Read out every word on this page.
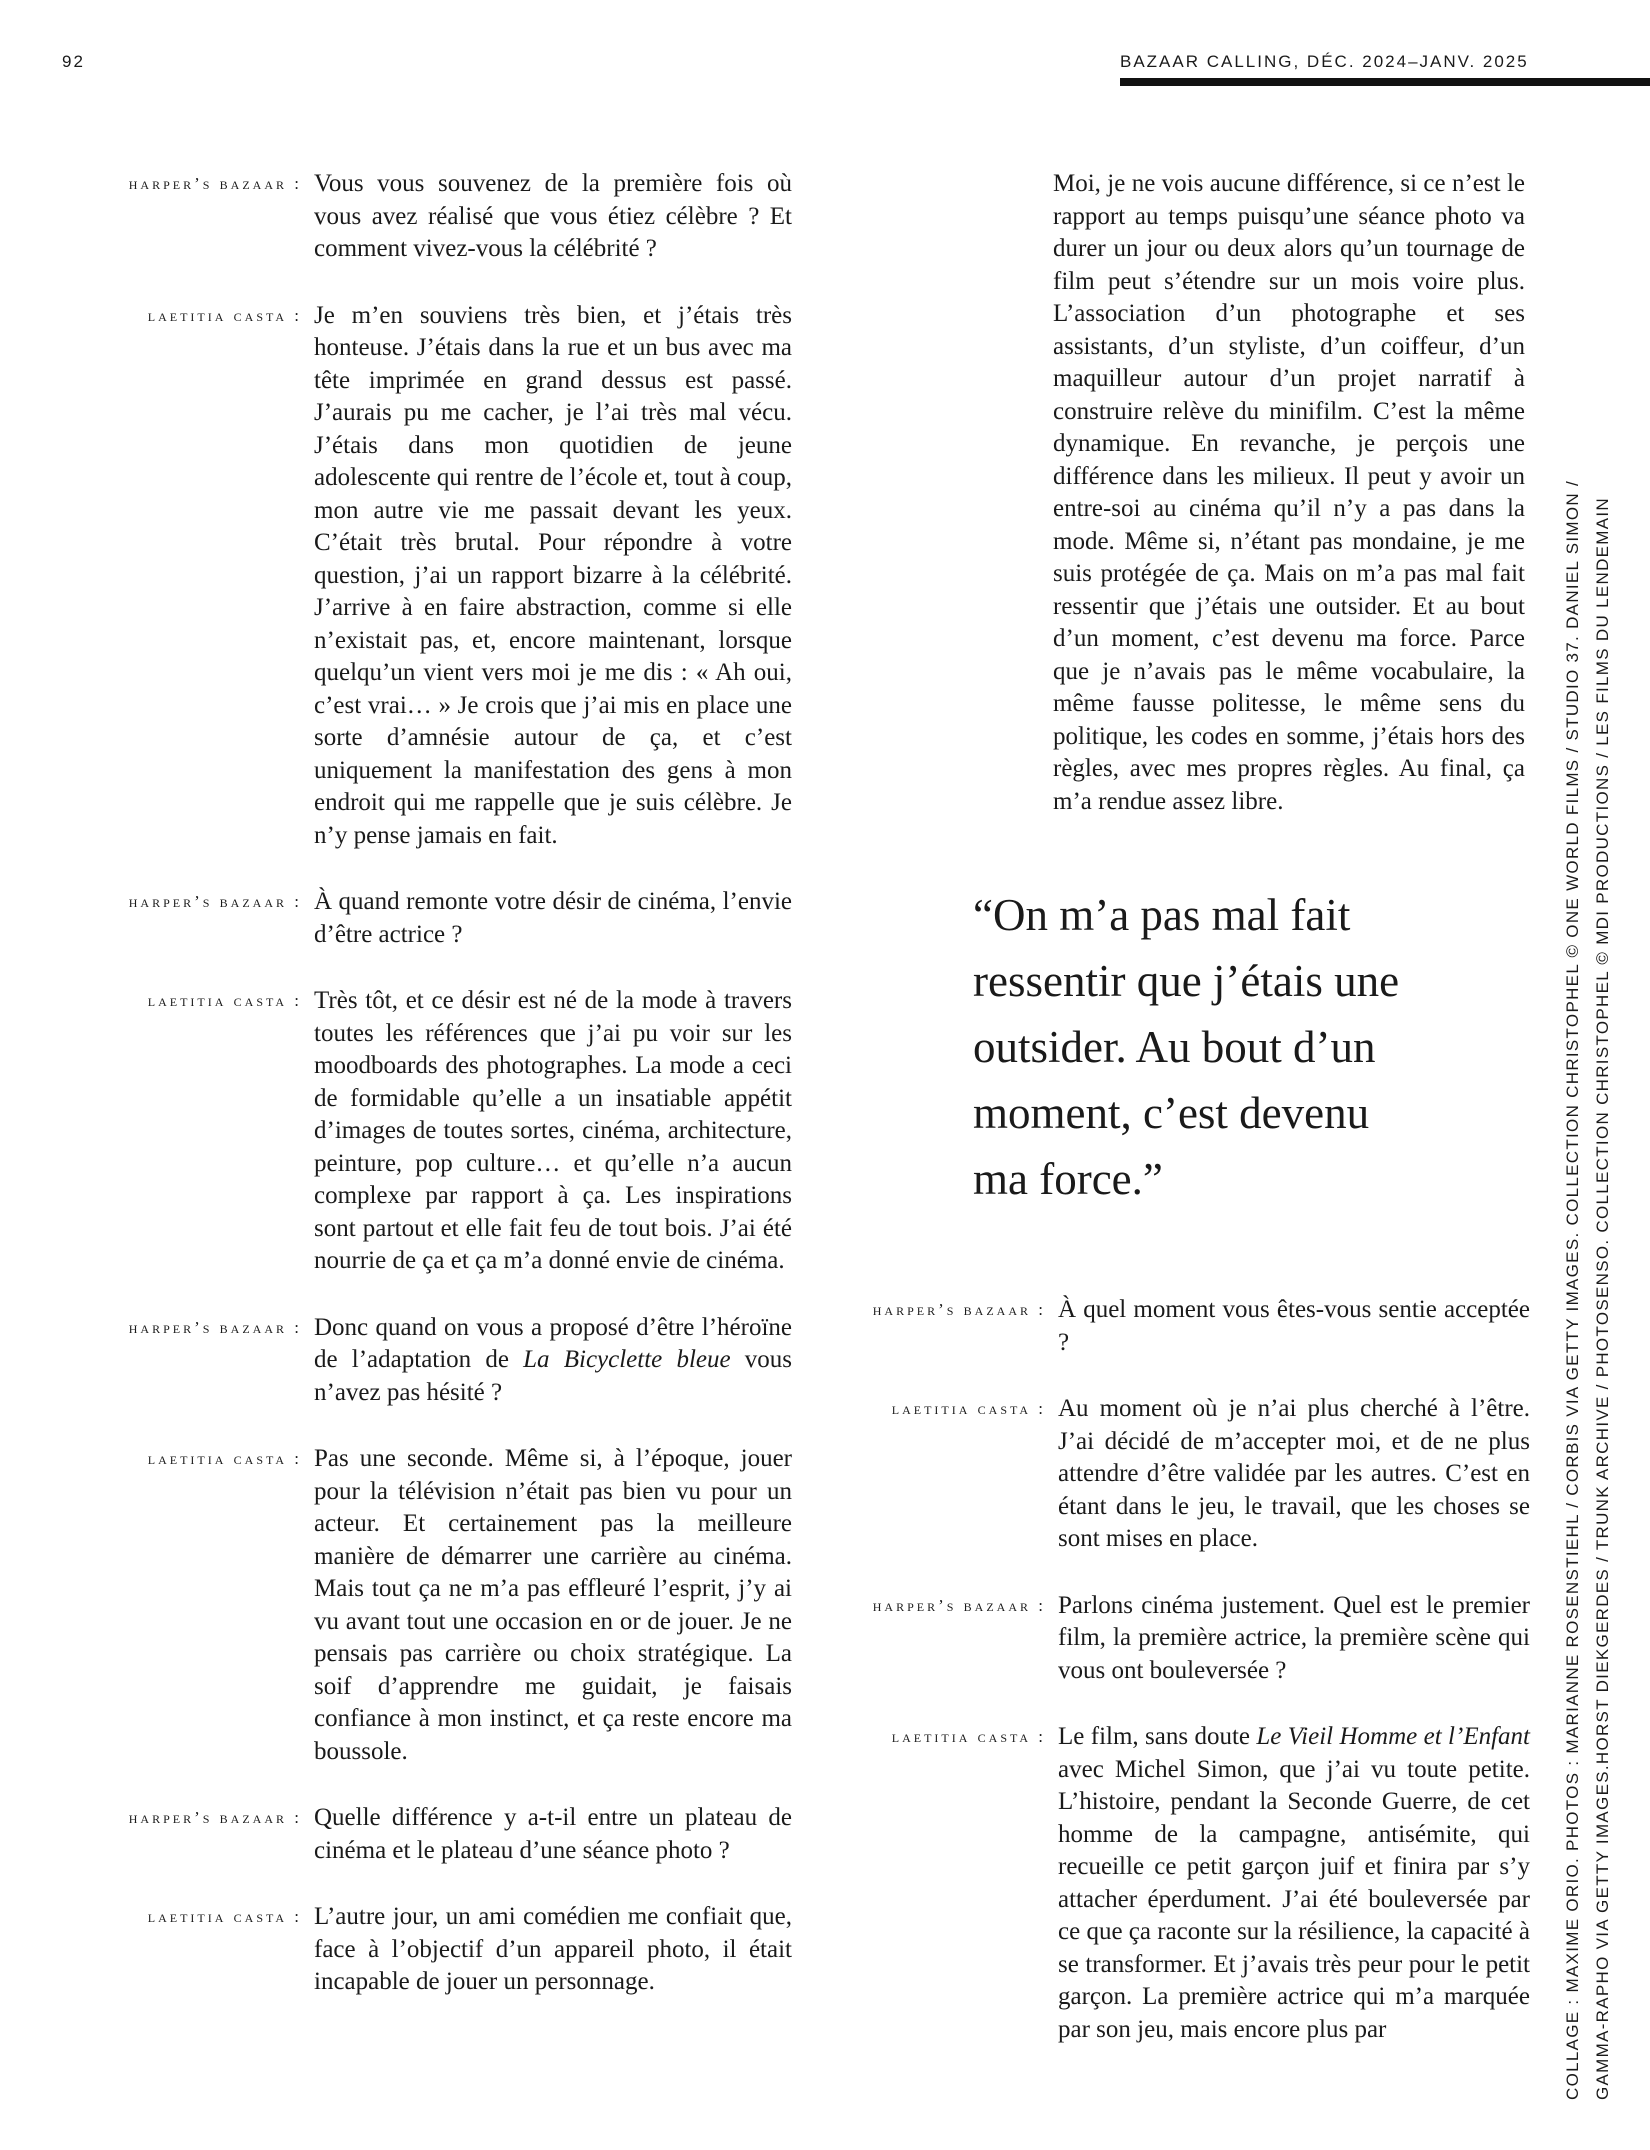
92	BAZAAR CALLING, DÉC. 2024–JANV. 2025
harper’s bazaar : Vous vous souvenez de la première fois où vous avez réalisé que vous étiez célèbre ? Et comment vivez-vous la célébrité ?
laetitia casta : Je m’en souviens très bien, et j’étais très honteuse. J’étais dans la rue et un bus avec ma tête imprimée en grand dessus est passé. J’aurais pu me cacher, je l’ai très mal vécu. J’étais dans mon quotidien de jeune adolescente qui rentre de l’école et, tout à coup, mon autre vie me passait devant les yeux. C’était très brutal. Pour répondre à votre question, j’ai un rapport bizarre à la célébrité. J’arrive à en faire abstraction, comme si elle n’existait pas, et, encore maintenant, lorsque quelqu’un vient vers moi je me dis : « Ah oui, c’est vrai… » Je crois que j’ai mis en place une sorte d’amnésie autour de ça, et c’est uniquement la manifestation des gens à mon endroit qui me rappelle que je suis célèbre. Je n’y pense jamais en fait.
harper’s bazaar : À quand remonte votre désir de cinéma, l’envie d’être actrice ?
laetitia casta : Très tôt, et ce désir est né de la mode à travers toutes les références que j’ai pu voir sur les moodboards des photographes. La mode a ceci de formidable qu’elle a un insatiable appétit d’images de toutes sortes, cinéma, architecture, peinture, pop culture… et qu’elle n’a aucun complexe par rapport à ça. Les inspirations sont partout et elle fait feu de tout bois. J’ai été nourrie de ça et ça m’a donné envie de cinéma.
harper’s bazaar : Donc quand on vous a proposé d’être l’héroïne de l’adaptation de La Bicyclette bleue vous n’avez pas hésité ?
laetitia casta : Pas une seconde. Même si, à l’époque, jouer pour la télévision n’était pas bien vu pour un acteur. Et certainement pas la meilleure manière de démarrer une carrière au cinéma. Mais tout ça ne m’a pas effleuré l’esprit, j’y ai vu avant tout une occasion en or de jouer. Je ne pensais pas carrière ou choix stratégique. La soif d’apprendre me guidait, je faisais confiance à mon instinct, et ça reste encore ma boussole.
harper’s bazaar : Quelle différence y a-t-il entre un plateau de cinéma et le plateau d’une séance photo ?
laetitia casta : L’autre jour, un ami comédien me confiait que, face à l’objectif d’un appareil photo, il était incapable de jouer un personnage.
Moi, je ne vois aucune différence, si ce n’est le rapport au temps puisqu’une séance photo va durer un jour ou deux alors qu’un tournage de film peut s’étendre sur un mois voire plus. L’association d’un photographe et ses assistants, d’un styliste, d’un coiffeur, d’un maquilleur autour d’un projet narratif à construire relève du minifilm. C’est la même dynamique. En revanche, je perçois une différence dans les milieux. Il peut y avoir un entre-soi au cinéma qu’il n’y a pas dans la mode. Même si, n’étant pas mondaine, je me suis protégée de ça. Mais on m’a pas mal fait ressentir que j’étais une outsider. Et au bout d’un moment, c’est devenu ma force. Parce que je n’avais pas le même vocabulaire, la même fausse politesse, le même sens du politique, les codes en somme, j’étais hors des règles, avec mes propres règles. Au final, ça m’a rendue assez libre.
“On m’a pas mal fait ressentir que j’étais une outsider. Au bout d’un moment, c’est devenu ma force.”
harper’s bazaar : À quel moment vous êtes-vous sentie acceptée ?
laetitia casta : Au moment où je n’ai plus cherché à l’être. J’ai décidé de m’accepter moi, et de ne plus attendre d’être validée par les autres. C’est en étant dans le jeu, le travail, que les choses se sont mises en place.
harper’s bazaar : Parlons cinéma justement. Quel est le premier film, la première actrice, la première scène qui vous ont bouleversée ?
laetitia casta : Le film, sans doute Le Vieil Homme et l’Enfant avec Michel Simon, que j’ai vu toute petite. L’histoire, pendant la Seconde Guerre, de cet homme de la campagne, antisémite, qui recueille ce petit garçon juif et finira par s’y attacher éperdument. J’ai été bouleversée par ce que ça raconte sur la résilience, la capacité à se transformer. Et j’avais très peur pour le petit garçon. La première actrice qui m’a marquée par son jeu, mais encore plus par	COLLAGE : MAXIME ORIO. PHOTOS : MARIANNE ROSENSTIEHL / CORBIS VIA GETTY IMAGES. COLLECTION CHRISTOPHEL © ONE WORLD FILMS / STUDIO 37. DANIEL SIMON / GAMMA-RAPHO VIA GETTY IMAGES.HORST DIEKGERDES / TRUNK ARCHIVE / PHOTOSENSO. COLLECTION CHRISTOPHEL © MDI PRODUCTIONS / LES FILMS DU LENDEMAIN
